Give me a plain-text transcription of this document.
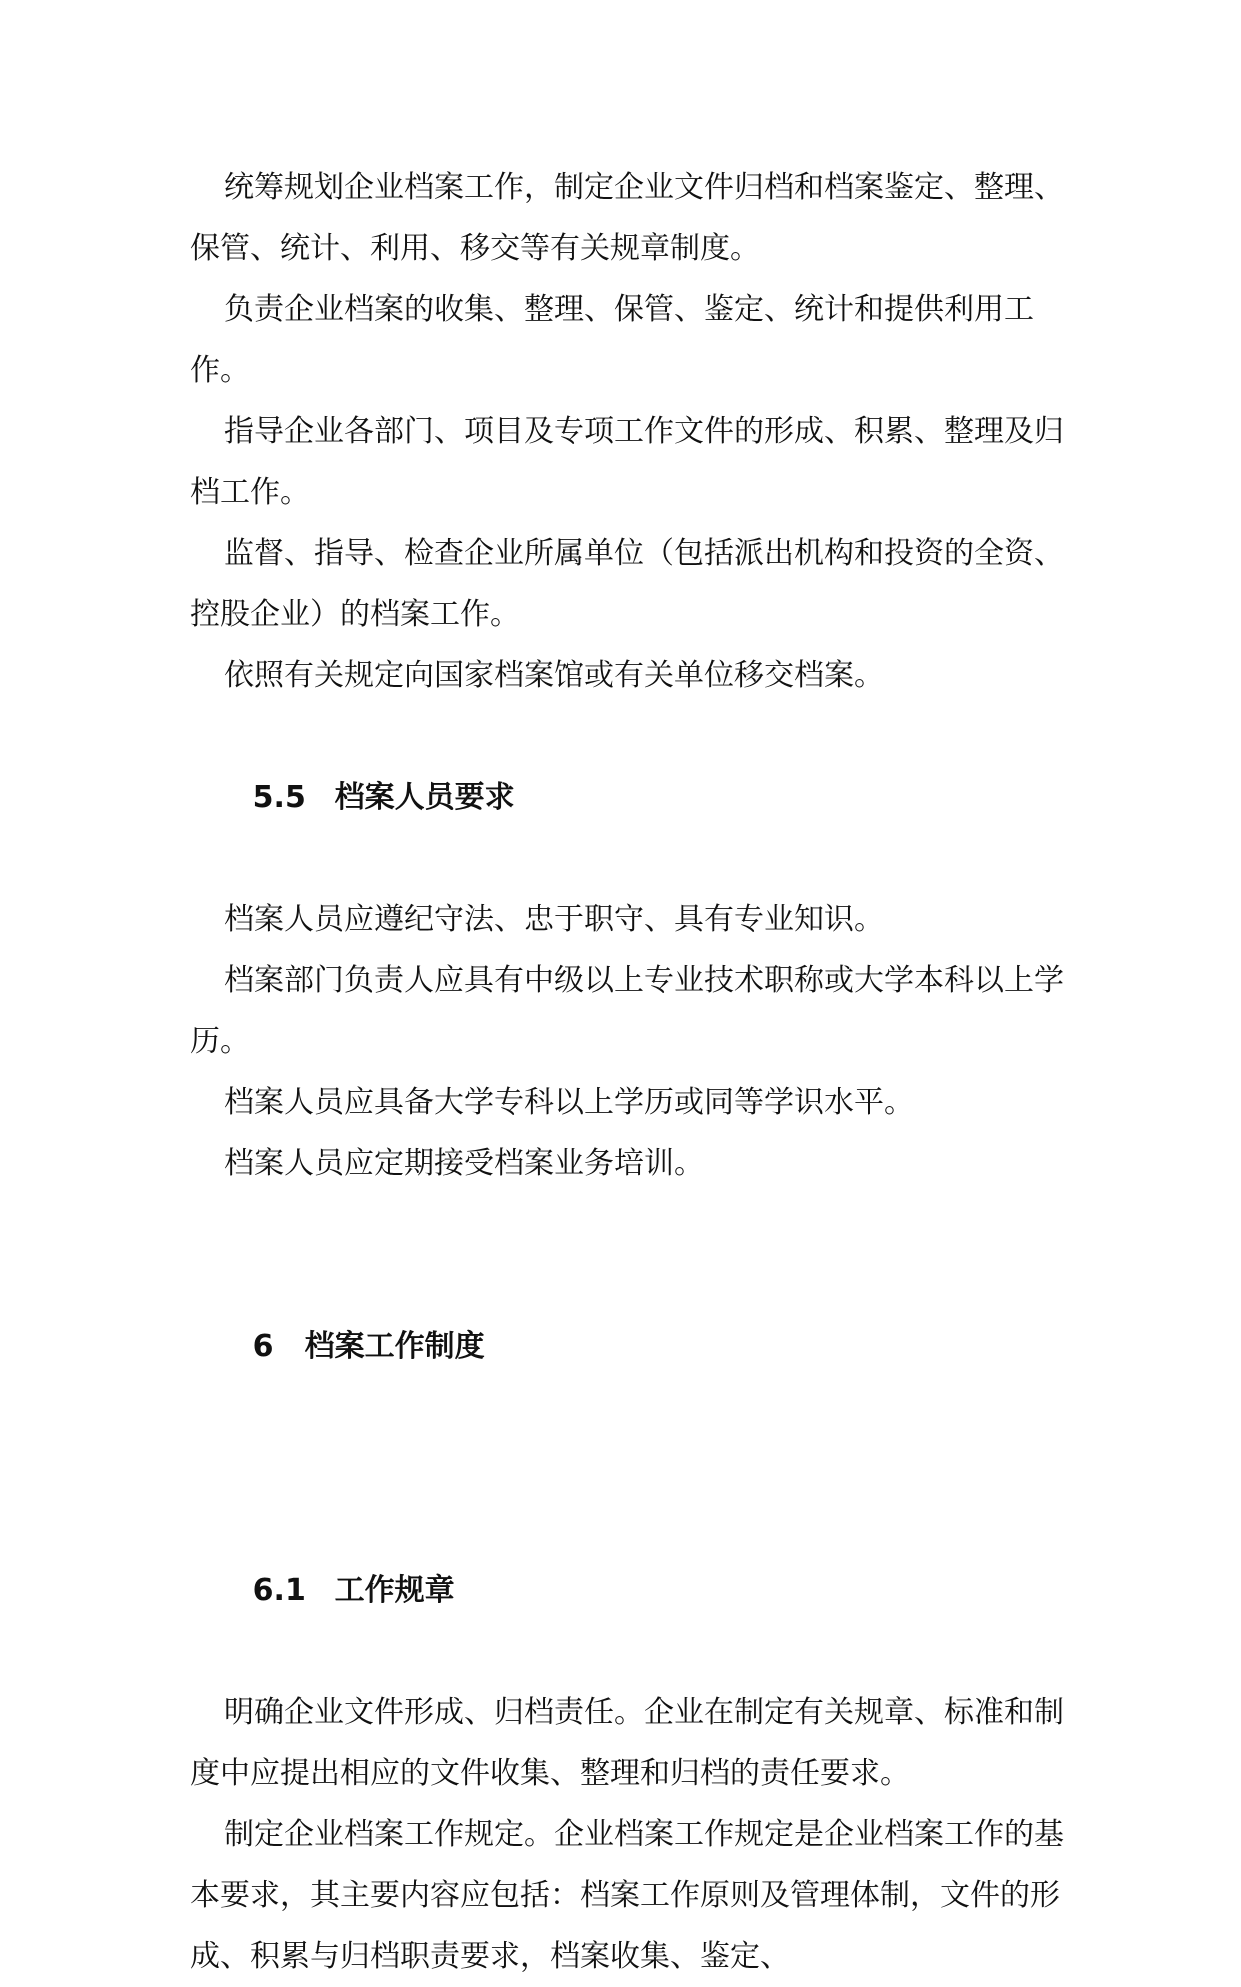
统筹规划企业档案工作，制定企业文件归档和档案鉴定、整理、保管、统计、利用、移交等有关规章制度。

负责企业档案的收集、整理、保管、鉴定、统计和提供利用工作。

指导企业各部门、项目及专项工作文件的形成、积累、整理及归档工作。

监督、指导、检查企业所属单位（包括派出机构和投资的全资、控股企业）的档案工作。

依照有关规定向国家档案馆或有关单位移交档案。

5.5 档案人员要求

档案人员应遵纪守法、忠于职守、具有专业知识。

档案部门负责人应具有中级以上专业技术职称或大学本科以上学历。

档案人员应具备大学专科以上学历或同等学识水平。

档案人员应定期接受档案业务培训。

6 档案工作制度

6.1 工作规章

明确企业文件形成、归档责任。企业在制定有关规章、标准和制度中应提出相应的文件收集、整理和归档的责任要求。

制定企业档案工作规定。企业档案工作规定是企业档案工作的基本要求，其主要内容应包括：档案工作原则及管理体制，文件的形成、积累与归档职责要求，档案收集、鉴定、
